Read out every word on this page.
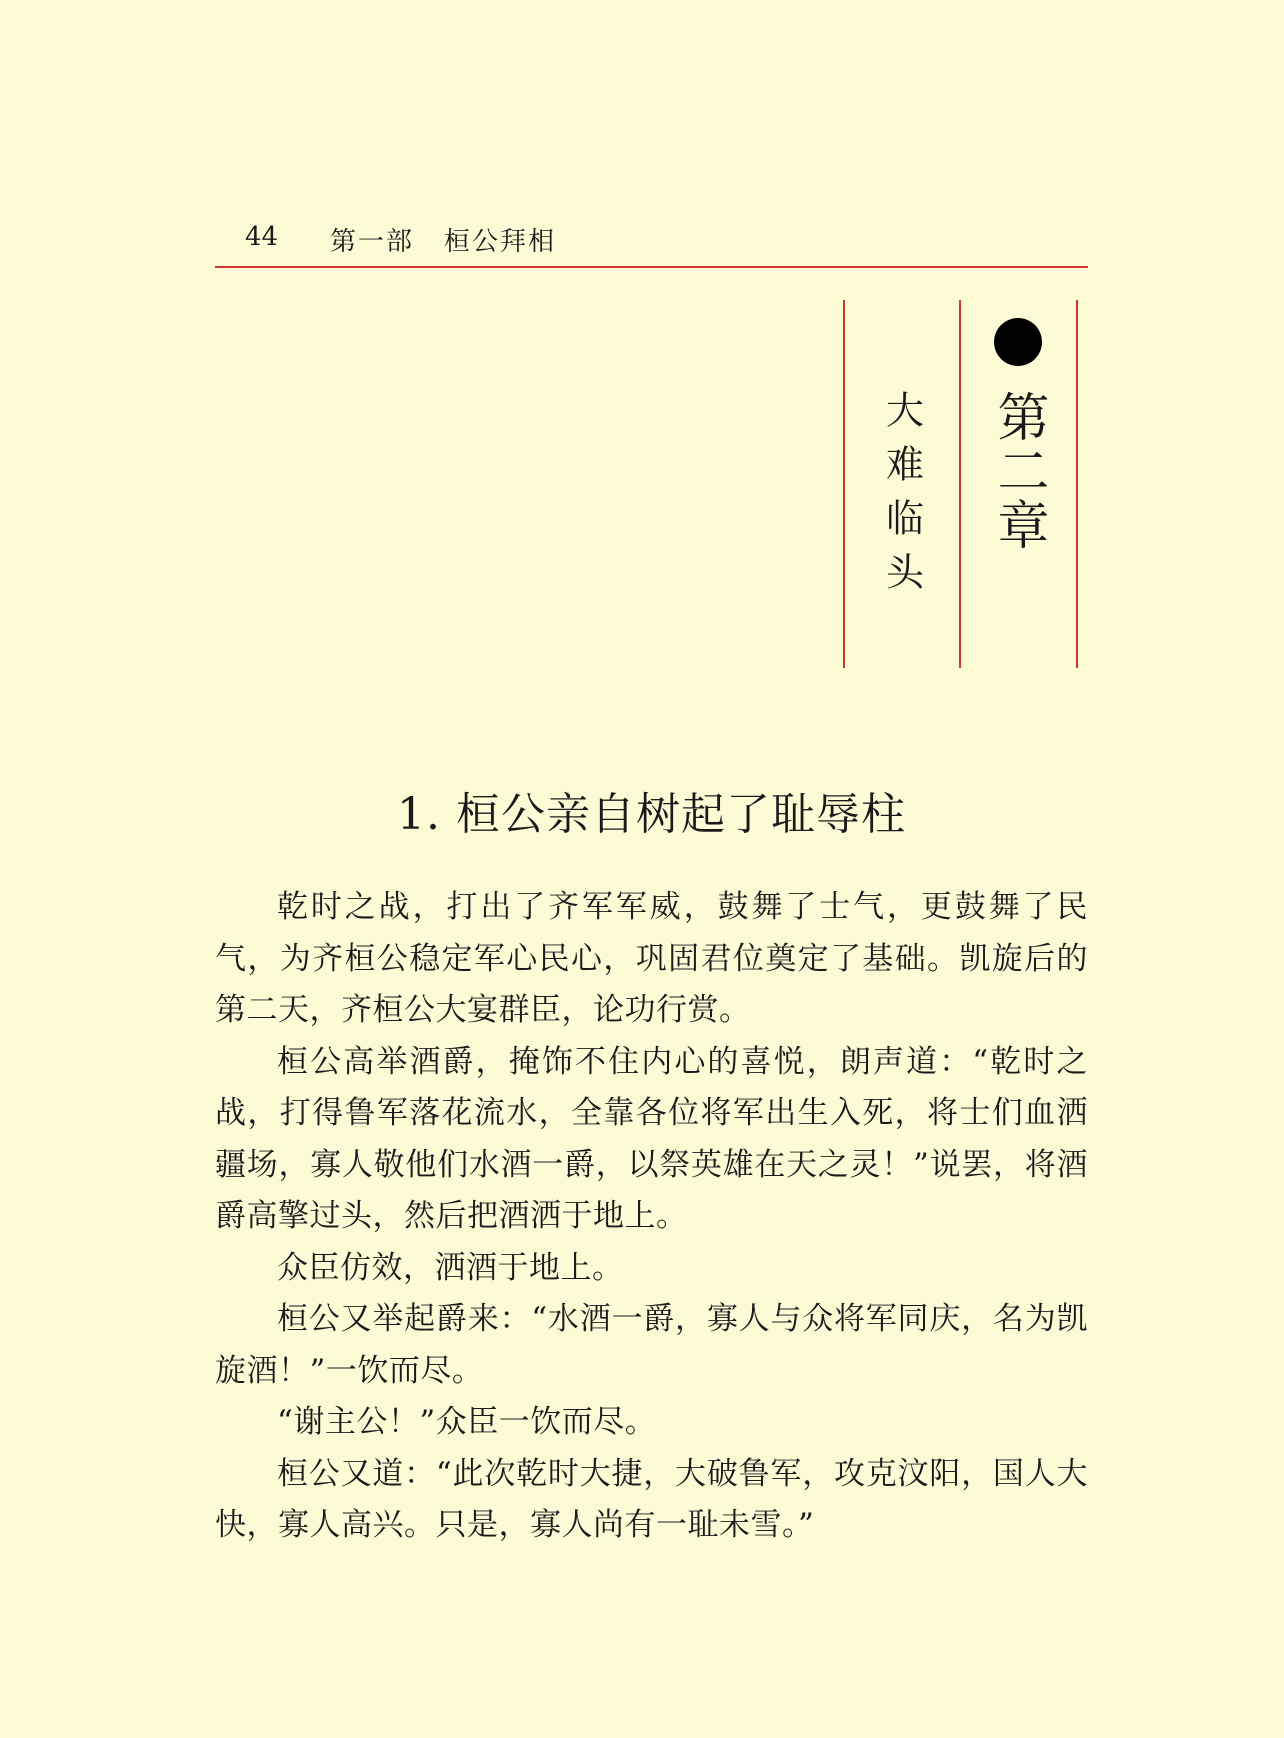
44 第一部 桓公拜相
第二章
大难临头
1. 桓公亲自树起了耻辱柱

乾时之战，打出了齐军军威，鼓舞了士气，更鼓舞了民气，为齐桓公稳定军心民心，巩固君位奠定了基础。凯旋后的第二天，齐桓公大宴群臣，论功行赏。

桓公高举酒爵，掩饰不住内心的喜悦，朗声道：“乾时之战，打得鲁军落花流水，全靠各位将军出生入死，将士们血洒疆场，寡人敬他们水酒一爵，以祭英雄在天之灵！”说罢，将酒爵高擎过头，然后把酒洒于地上。

众臣仿效，洒酒于地上。

桓公又举起爵来：“水酒一爵，寡人与众将军同庆，名为凯旋酒！”一饮而尽。

“谢主公！”众臣一饮而尽。

桓公又道：“此次乾时大捷，大破鲁军，攻克汶阳，国人大快，寡人高兴。只是，寡人尚有一耻未雪。”
